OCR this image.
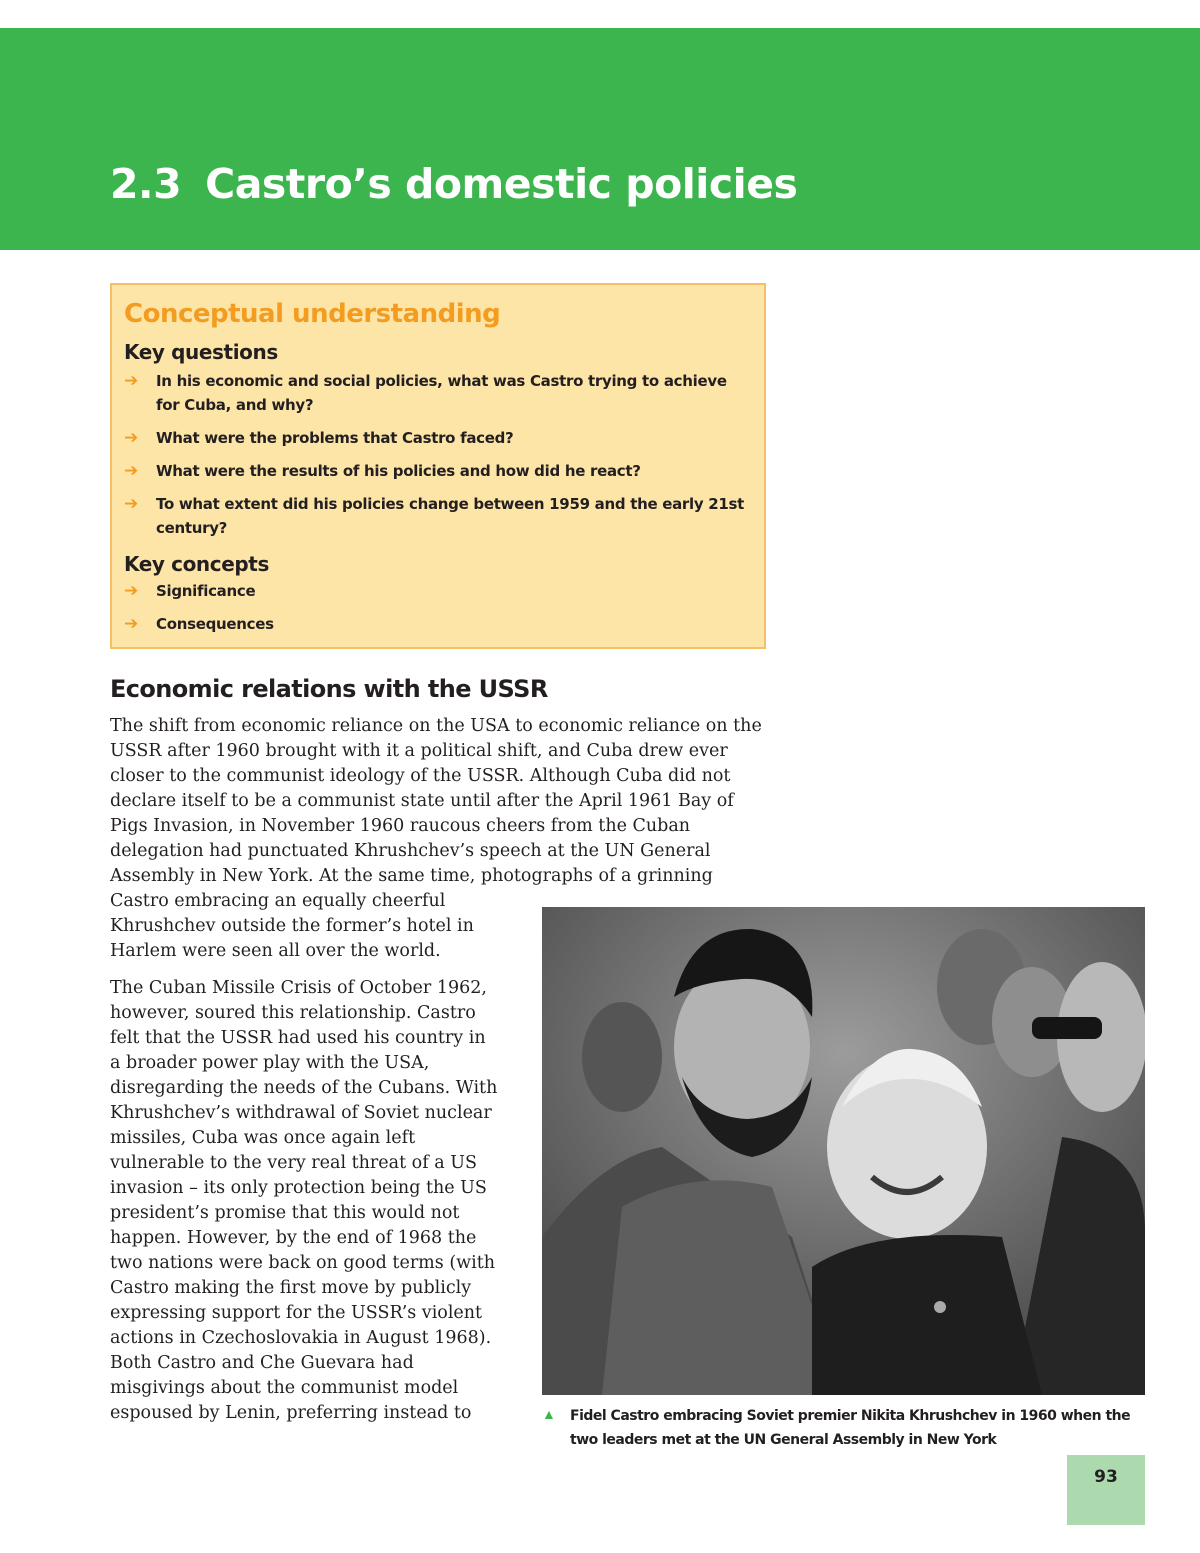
2.3 Castro’s domestic policies
Conceptual understanding
Key questions
➔ In his economic and social policies, what was Castro trying to achieve for Cuba, and why?
➔ What were the problems that Castro faced?
➔ What were the results of his policies and how did he react?
➔ To what extent did his policies change between 1959 and the early 21st century?
Key concepts
➔ Significance
➔ Consequences
Economic relations with the USSR

The shift from economic reliance on the USA to economic reliance on the USSR after 1960 brought with it a political shift, and Cuba drew ever closer to the communist ideology of the USSR. Although Cuba did not declare itself to be a communist state until after the April 1961 Bay of Pigs Invasion, in November 1960 raucous cheers from the Cuban delegation had punctuated Khrushchev’s speech at the UN General Assembly in New York. At the same time, photographs of a grinning

Castro embracing an equally cheerful Khrushchev outside the former’s hotel in Harlem were seen all over the world.

The Cuban Missile Crisis of October 1962, however, soured this relationship. Castro felt that the USSR had used his country in a broader power play with the USA, disregarding the needs of the Cubans. With Khrushchev’s withdrawal of Soviet nuclear missiles, Cuba was once again left vulnerable to the very real threat of a US invasion – its only protection being the US president’s promise that this would not happen. However, by the end of 1968 the two nations were back on good terms (with Castro making the first move by publicly expressing support for the USSR’s violent actions in Czechoslovakia in August 1968). Both Castro and Che Guevara had misgivings about the communist model espoused by Lenin, preferring instead to	▲ Fidel Castro embracing Soviet premier Nikita Khrushchev in 1960 when the two leaders met at the UN General Assembly in New York

93
